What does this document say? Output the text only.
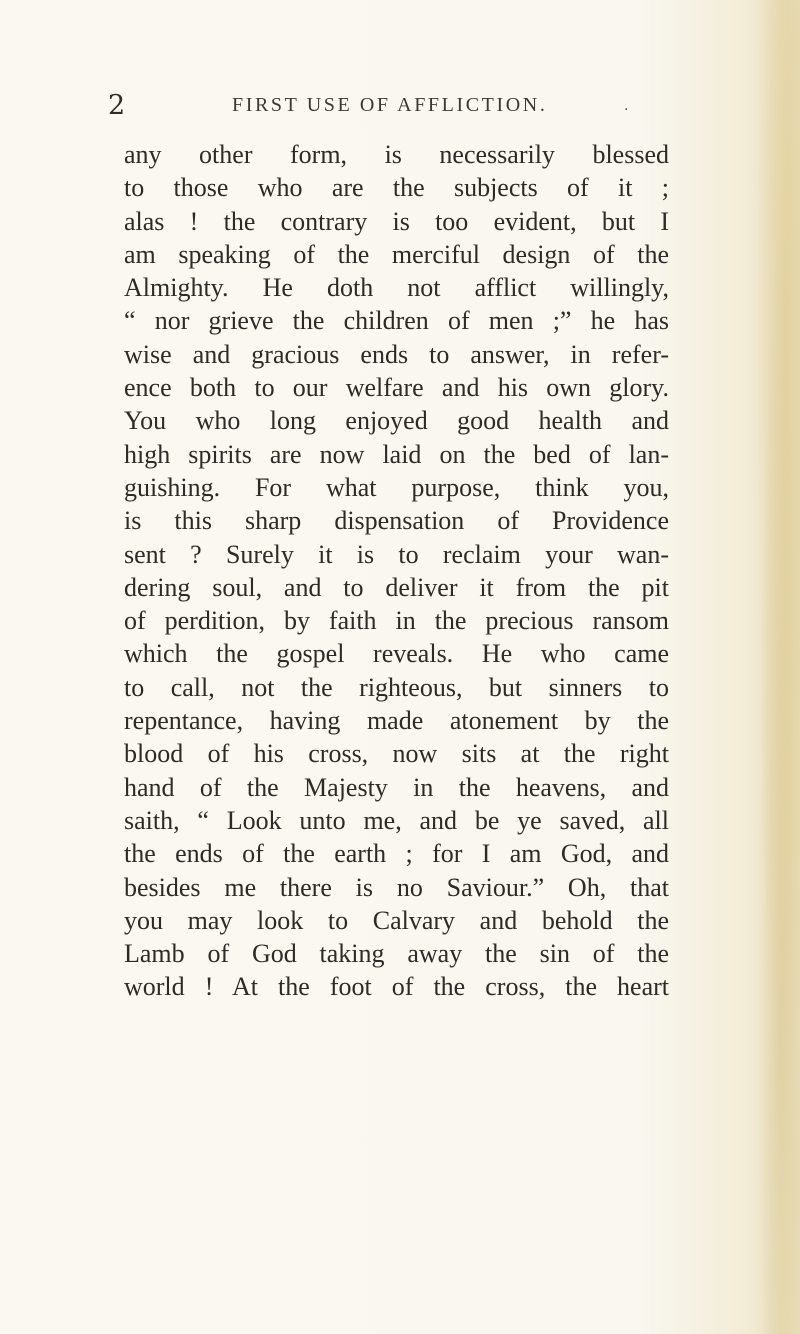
2	FIRST USE OF AFFLICTION.	.
any other form, is necessarily blessed
to those who are the subjects of it ;
alas ! the contrary is too evident, but I
am speaking of the merciful design of the
Almighty. He doth not afflict willingly,
“ nor grieve the children of men ;” he has
wise and gracious ends to answer, in refer-
ence both to our welfare and his own glory.
You who long enjoyed good health and
high spirits are now laid on the bed of lan-
guishing. For what purpose, think you,
is this sharp dispensation of Providence
sent ? Surely it is to reclaim your wan-
dering soul, and to deliver it from the pit
of perdition, by faith in the precious ransom
which the gospel reveals. He who came
to call, not the righteous, but sinners to
repentance, having made atonement by the
blood of his cross, now sits at the right
hand of the Majesty in the heavens, and
saith, “ Look unto me, and be ye saved, all
the ends of the earth ; for I am God, and
besides me there is no Saviour.” Oh, that
you may look to Calvary and behold the
Lamb of God taking away the sin of the
world ! At the foot of the cross, the heart
